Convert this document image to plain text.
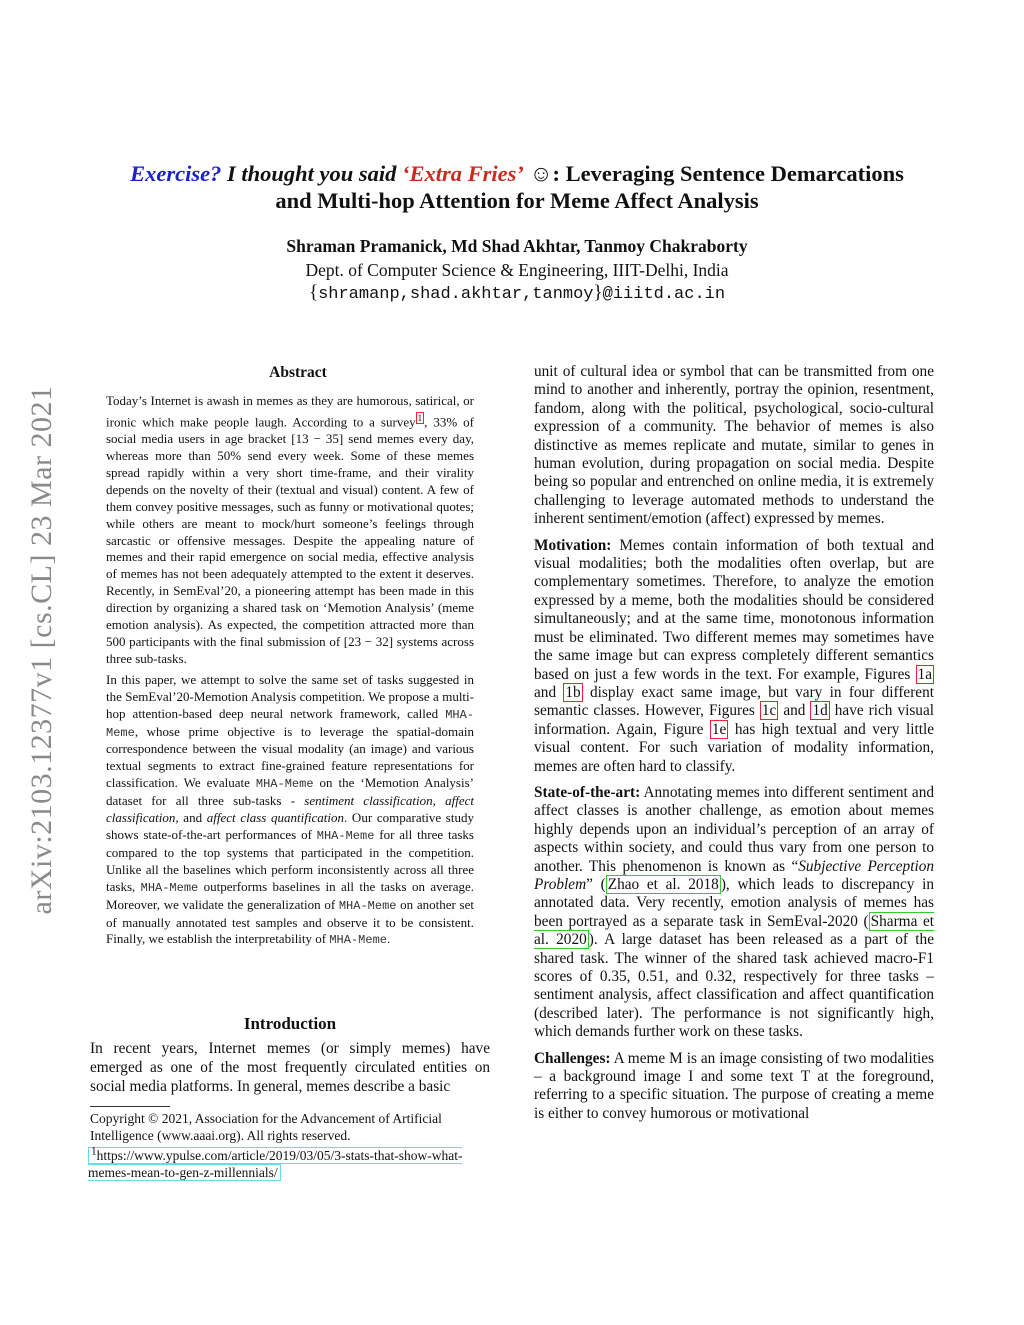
arXiv:2103.12377v1 [cs.CL] 23 Mar 2021
Exercise? I thought you said ‘Extra Fries’ ☺: Leveraging Sentence Demarcations
and Multi-hop Attention for Meme Affect Analysis
Shraman Pramanick, Md Shad Akhtar, Tanmoy Chakraborty
Dept. of Computer Science & Engineering, IIIT-Delhi, India
{shramanp,shad.akhtar,tanmoy}@iiitd.ac.in
Abstract

Today’s Internet is awash in memes as they are humorous, satirical, or ironic which make people laugh. According to a survey $^1$ , 33% of social media users in age bracket [13 − 35] send memes every day, whereas more than 50% send every week. Some of these memes spread rapidly within a very short time-frame, and their virality depends on the novelty of their (textual and visual) content. A few of them convey positive messages, such as funny or motivational quotes; while others are meant to mock/hurt someone’s feelings through sarcastic or offensive messages. Despite the appealing nature of memes and their rapid emergence on social media, effective analysis of memes has not been adequately attempted to the extent it deserves. Recently, in SemEval’20, a pioneering attempt has been made in this direction by organizing a shared task on ‘Memotion Analysis’ (meme emotion analysis). As expected, the competition attracted more than 500 participants with the final submission of [23 − 32] systems across three sub-tasks.

In this paper, we attempt to solve the same set of tasks suggested in the SemEval’20-Memotion Analysis competition. We propose a multi-hop attention-based deep neural network framework, called MHA-Meme, whose prime objective is to leverage the spatial-domain correspondence between the visual modality (an image) and various textual segments to extract fine-grained feature representations for classification. We evaluate MHA-Meme on the ‘Memotion Analysis’ dataset for all three sub-tasks - sentiment classification, affect classification, and affect class quantification. Our comparative study shows state-of-the-art performances of MHA-Meme for all three tasks compared to the top systems that participated in the competition. Unlike all the baselines which perform inconsistently across all three tasks, MHA-Meme outperforms baselines in all the tasks on average. Moreover, we validate the generalization of MHA-Meme on another set of manually annotated test samples and observe it to be consistent. Finally, we establish the interpretability of MHA-Meme.

Introduction
In recent years, Internet memes (or simply memes) have emerged as one of the most frequently circulated entities on social media platforms. In general, memes describe a basic
Copyright © 2021, Association for the Advancement of Artificial Intelligence (www.aaai.org). All rights reserved.
$^1$https://www.ypulse.com/article/2019/03/05/3-stats-that-show-what-memes-mean-to-gen-z-millennials/

unit of cultural idea or symbol that can be transmitted from one mind to another and inherently, portray the opinion, resentment, fandom, along with the political, psychological, socio-cultural expression of a community. The behavior of memes is also distinctive as memes replicate and mutate, similar to genes in human evolution, during propagation on social media. Despite being so popular and entrenched on online media, it is extremely challenging to leverage automated methods to understand the inherent sentiment/emotion (affect) expressed by memes.

Motivation: Memes contain information of both textual and visual modalities; both the modalities often overlap, but are complementary sometimes. Therefore, to analyze the emotion expressed by a meme, both the modalities should be considered simultaneously; and at the same time, monotonous information must be eliminated. Two different memes may sometimes have the same image but can express completely different semantics based on just a few words in the text. For example, Figures 1a and 1b display exact same image, but vary in four different semantic classes. However, Figures 1c and 1d have rich visual information. Again, Figure 1e has high textual and very little visual content. For such variation of modality information, memes are often hard to classify.

State-of-the-art: Annotating memes into different sentiment and affect classes is another challenge, as emotion about memes highly depends upon an individual’s perception of an array of aspects within society, and could thus vary from one person to another. This phenomenon is known as “Subjective Perception Problem” ( Zhao et al. 2018 ), which leads to discrepancy in annotated data. Very recently, emotion analysis of memes has been portrayed as a separate task in SemEval-2020 ( Sharma et al. 2020 ). A large dataset has been released as a part of the shared task. The winner of the shared task achieved macro-F1 scores of 0.35, 0.51, and 0.32, respectively for three tasks – sentiment analysis, affect classification and affect quantification (described later). The performance is not significantly high, which demands further work on these tasks.

Challenges: A meme M is an image consisting of two modalities – a background image I and some text T at the foreground, referring to a specific situation. The purpose of creating a meme is either to convey humorous or motivational
